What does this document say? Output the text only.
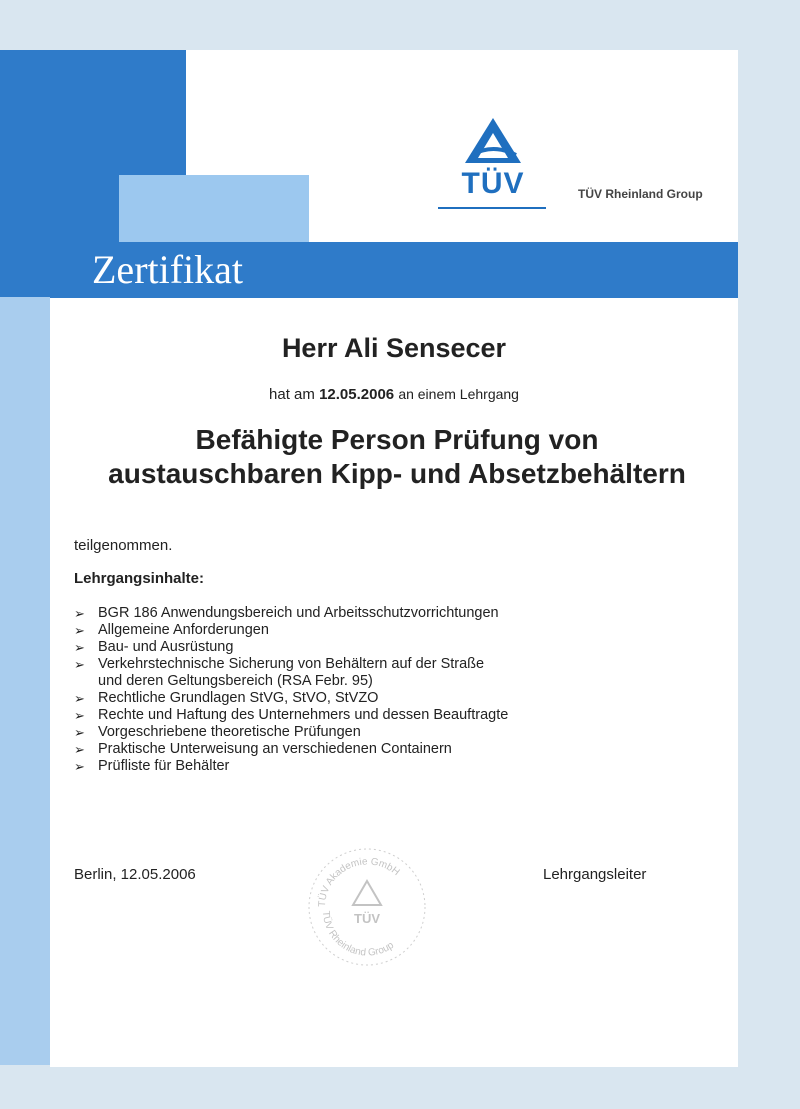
Zertifikat
TÜV	TÜV Rheinland Group
Herr Ali Sensecer
hat am 12.05.2006 an einem Lehrgang
Befähigte Person Prüfung von
austauschbaren Kipp- und Absetzbehältern
teilgenommen.
Lehrgangsinhalte:
➢ BGR 186 Anwendungsbereich und Arbeitsschutzvorrichtungen
➢ Allgemeine Anforderungen
➢ Bau- und Ausrüstung
➢ Verkehrstechnische Sicherung von Behältern auf der Straße
und deren Geltungsbereich (RSA Febr. 95)
➢ Rechtliche Grundlagen StVG, StVO, StVZO
➢ Rechte und Haftung des Unternehmers und dessen Beauftragte
➢ Vorgeschriebene theoretische Prüfungen
➢ Praktische Unterweisung an verschiedenen Containern
➢ Prüfliste für Behälter
Berlin, 12.05.2006	Lehrgangsleiter
TÜV Akademie GmbH
TÜV Rheinland Group
TÜV
